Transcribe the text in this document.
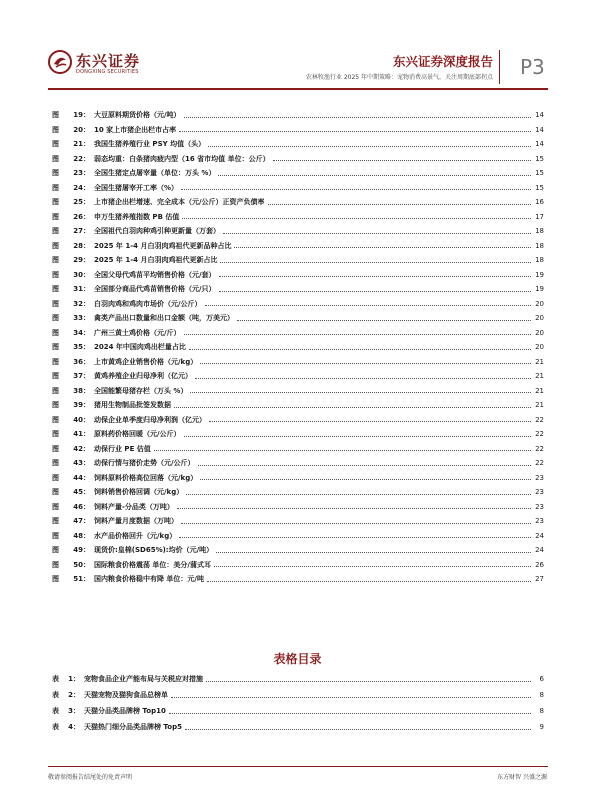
东兴证券
DONGXING SECURITIES
东兴证券深度报告
农林牧渔行业 2025 年中期策略：宠物消费高景气，关注周期底部拐点 P3
图	19 ： 大豆原料期货价格（元/吨）	14
图	20 ： 10 家上市猪企出栏市占率	14
图	21 ： 我国生猪养殖行业 PSY 均值（头）	14
图	22 ： 弱态均重：白条猪肉疲内型（16 省市均值 单位：公斤）	15
图	23 ： 全国生猪定点屠宰量（单位：万头 %）	15
图	24 ： 全国生猪屠宰开工率（%）	15
图	25 ： 上市猪企出栏增速、完全成本（元/公斤）正资产负债率	16
图	26 ： 申万生猪养殖指数 PB 估值	17
图	27 ： 全国祖代白羽肉种鸡引种更新量（万套）	18
图	28 ： 2025 年 1-4 月白羽肉鸡祖代更新品种占比	18
图	29 ： 2025 年 1-4 月白羽肉鸡祖代更新占比	18
图	30 ： 全国父母代鸡苗平均销售价格（元/套）	19
图	31 ： 全国部分商品代鸡苗销售价格（元/只）	19
图	32 ： 白羽肉鸡和鸡肉市场价（元/公斤）	20
图	33 ： 禽类产品出口数量和出口金额（吨，万美元）	20
图	34 ： 广州三黄土鸡价格（元/斤）	20
图	35 ： 2024 年中国肉鸡出栏量占比	20
图	36 ： 上市黄鸡企业销售价格（元/kg）	21
图	37 ： 黄鸡养殖企业归母净利（亿元）	21
图	38 ： 全国能繁母猪存栏（万头 %）	21
图	39 ： 猪用生物制品批签发数据	21
图	40 ： 动保企业单季度归母净利润（亿元）	22
图	41 ： 原料药价格回暖（元/公斤）	22
图	42 ： 动保行业 PE 估值	22
图	43 ： 动保行情与猪价走势（元/公斤）	22
图	44 ： 饲料原料价格高位回落（元/kg）	23
图	45 ： 饲料销售价格回调（元/kg）	23
图	46 ： 饲料产量-分品类（万吨）	23
图	47 ： 饲料产量月度数据（万吨）	23
图	48 ： 水产品价格回升（元/kg）	24
图	49 ： 现货价:皇棉(SD65%):均价（元/吨）	24
图	50 ： 国际粮食价格震荡 单位：美分/蒲式耳	26
图	51 ： 国内粮食价格稳中有降 单位：元/吨	27
表格目录
表	1 ： 宠物食品企业产能布局与关税应对措施	6
表	2 ： 天猫宠物及猫狗食品总榜单	8
表	3 ： 天猫分品类品牌榜 Top10	8
表	4 ： 天猫热门细分品类品牌榜 Top5	9
敬请参阅报告结尾处的免责声明	东方财智 兴盛之源
